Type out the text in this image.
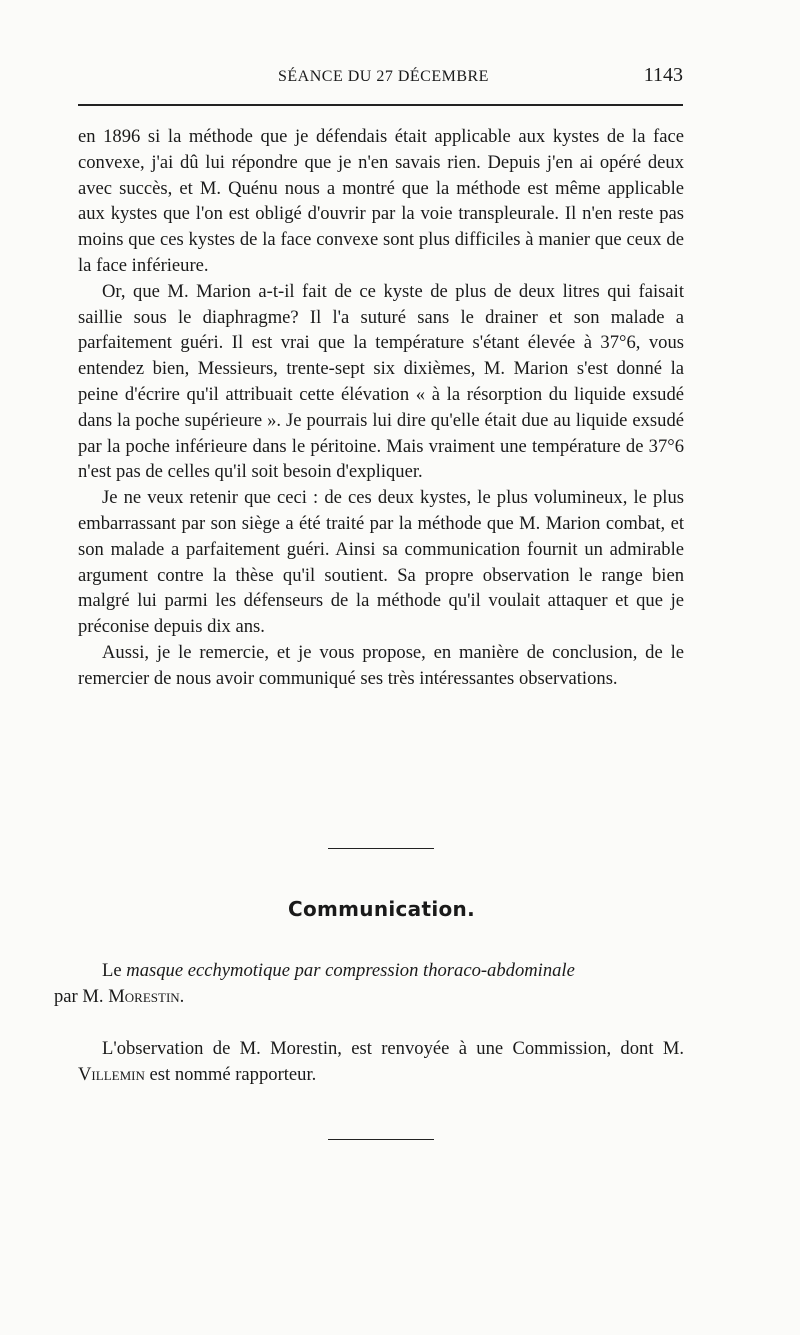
SÉANCE DU 27 DÉCEMBRE	1143

en 1896 si la méthode que je défendais était applicable aux kystes de la face convexe, j'ai dû lui répondre que je n'en savais rien. Depuis j'en ai opéré deux avec succès, et M. Quénu nous a montré que la méthode est même applicable aux kystes que l'on est obligé d'ouvrir par la voie transpleurale. Il n'en reste pas moins que ces kystes de la face convexe sont plus difficiles à manier que ceux de la face inférieure.

Or, que M. Marion a-t-il fait de ce kyste de plus de deux litres qui faisait saillie sous le diaphragme? Il l'a suturé sans le drainer et son malade a parfaitement guéri. Il est vrai que la température s'étant élevée à 37°6, vous entendez bien, Messieurs, trente-sept six dixièmes, M. Marion s'est donné la peine d'écrire qu'il attribuait cette élévation « à la résorption du liquide exsudé dans la poche supérieure ». Je pourrais lui dire qu'elle était due au liquide exsudé par la poche inférieure dans le péritoine. Mais vraiment une température de 37°6 n'est pas de celles qu'il soit besoin d'expliquer.

Je ne veux retenir que ceci : de ces deux kystes, le plus volumineux, le plus embarrassant par son siège a été traité par la méthode que M. Marion combat, et son malade a parfaitement guéri. Ainsi sa communication fournit un admirable argument contre la thèse qu'il soutient. Sa propre observation le range bien malgré lui parmi les défenseurs de la méthode qu'il voulait attaquer et que je préconise depuis dix ans.

Aussi, je le remercie, et je vous propose, en manière de conclusion, de le remercier de nous avoir communiqué ses très intéressantes observations.

Communication.

Le masque ecchymotique par compression thoraco-abdominale
par M. Morestin.

L'observation de M. Morestin, est renvoyée à une Commission, dont M. Villemin est nommé rapporteur.
